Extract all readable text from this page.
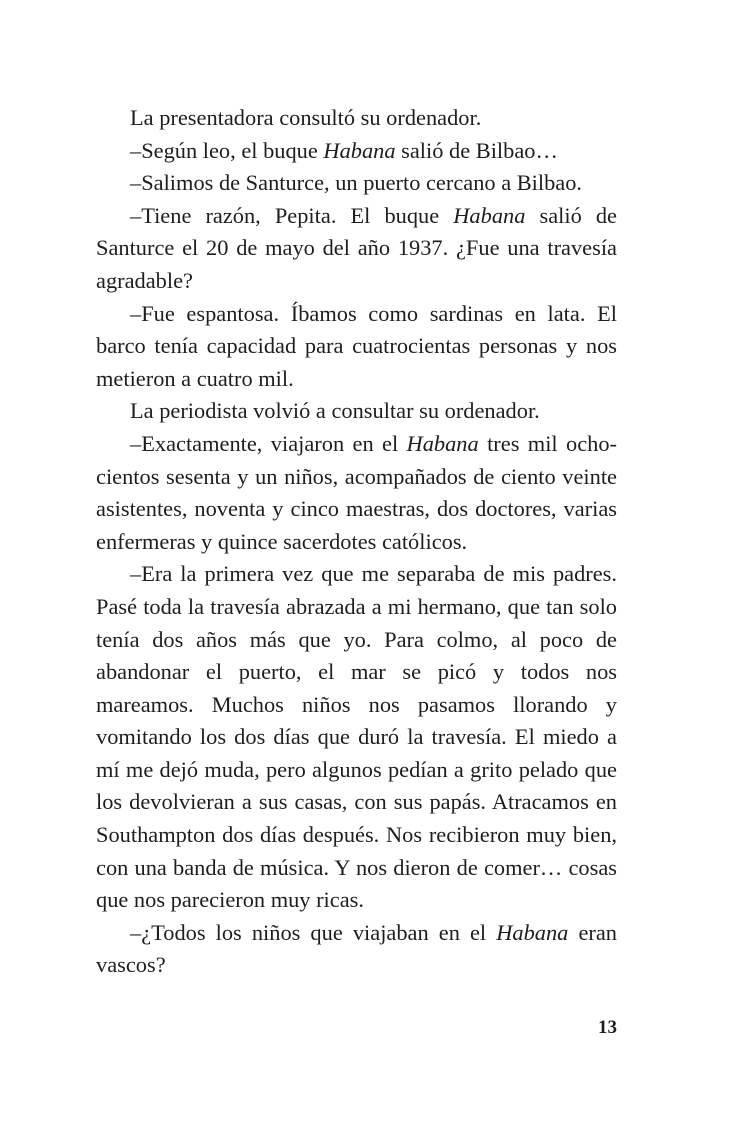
La presentadora consultó su ordenador.

–Según leo, el buque Habana salió de Bilbao…

–Salimos de Santurce, un puerto cercano a Bilbao.

–Tiene razón, Pepita. El buque Habana salió de Santurce el 20 de mayo del año 1937. ¿Fue una travesía agradable?

–Fue espantosa. Íbamos como sardinas en lata. El barco tenía capacidad para cuatrocientas personas y nos metieron a cuatro mil.

La periodista volvió a consultar su ordenador.

–Exactamente, viajaron en el Habana tres mil ochocientos sesenta y un niños, acompañados de ciento veinte asistentes, noventa y cinco maestras, dos doctores, varias enfermeras y quince sacerdotes católicos.

–Era la primera vez que me separaba de mis padres. Pasé toda la travesía abrazada a mi hermano, que tan solo tenía dos años más que yo. Para colmo, al poco de abandonar el puerto, el mar se picó y todos nos mareamos. Muchos niños nos pasamos llorando y vomitando los dos días que duró la travesía. El miedo a mí me dejó muda, pero algunos pedían a grito pelado que los devolvieran a sus casas, con sus papás. Atracamos en Southampton dos días después. Nos recibieron muy bien, con una banda de música. Y nos dieron de comer… cosas que nos parecieron muy ricas.

–¿Todos los niños que viajaban en el Habana eran vascos?

13
